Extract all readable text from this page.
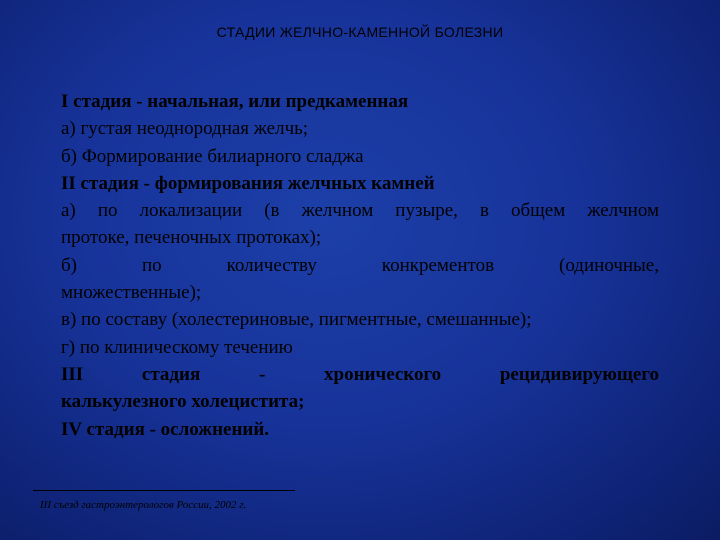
СТАДИИ ЖЕЛЧНО-КАМЕННОЙ БОЛЕЗНИ

I стадия - начальная, или предкаменная

а) густая неоднородная желчь;

б) Формирование билиарного сладжа

II стадия - формирования желчных камней

а) по локализации (в желчном пузыре, в общем желчном

протоке, печеночных протоках);

б) по количеству конкрементов (одиночные,

множественные);

в) по составу (холестериновые, пигментные, смешанные);

г) по клиническому течению

III стадия - хронического рецидивирующего

калькулезного холецистита;

IV стадия - осложнений.

III съезд гастроэнтерологов России, 2002 г.
